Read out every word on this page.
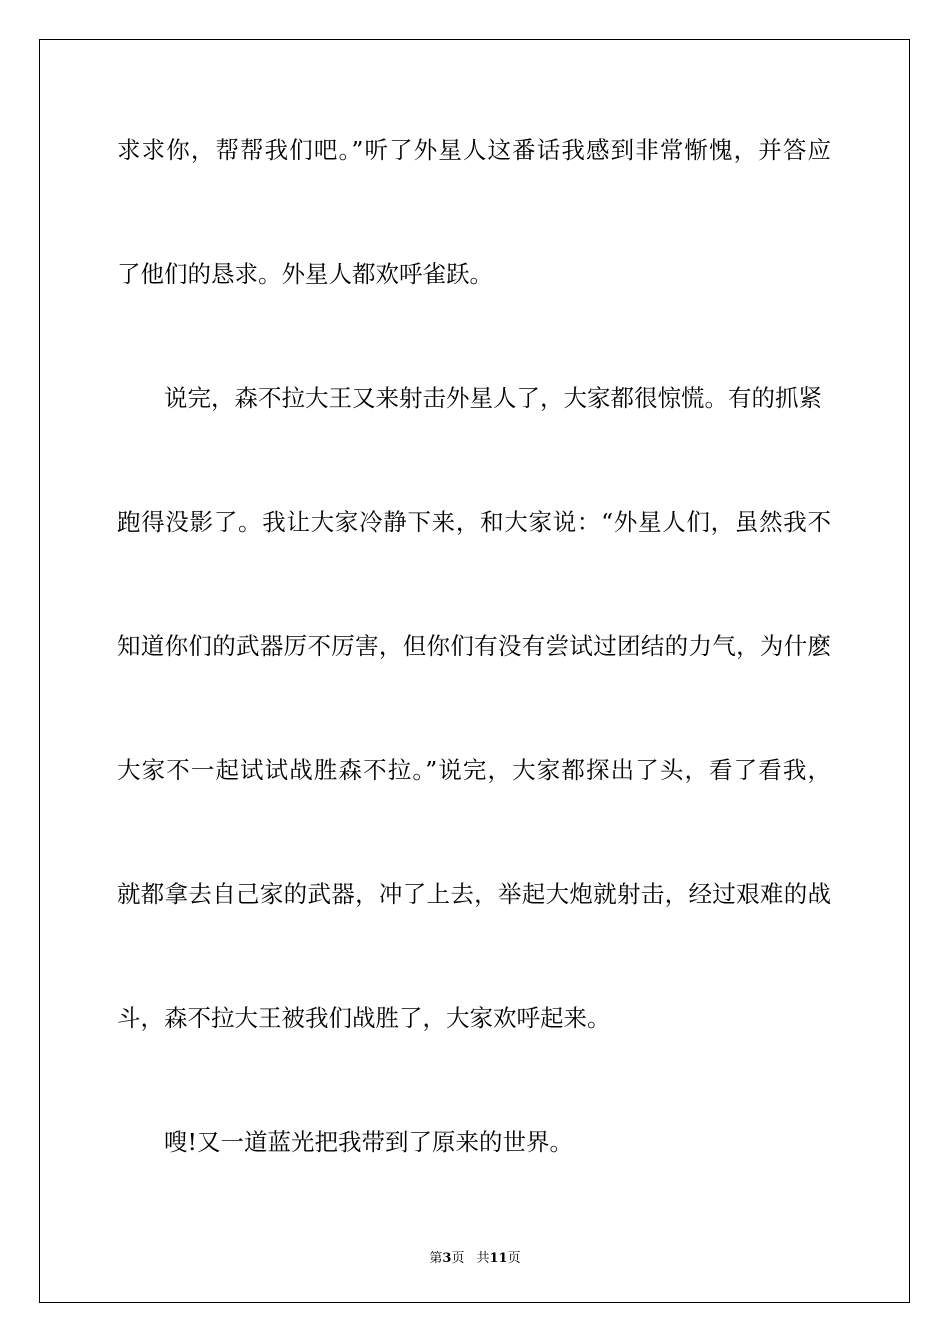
求求你，帮帮我们吧。”听了外星人这番话我感到非常惭愧，并答应

了他们的恳求。外星人都欢呼雀跃。

说完，森不拉大王又来射击外星人了，大家都很惊慌。有的抓紧

跑得没影了。我让大家冷静下来，和大家说：“外星人们，虽然我不

知道你们的武器厉不厉害，但你们有没有尝试过团结的力气，为什麽

大家不一起试试战胜森不拉。”说完，大家都探出了头，看了看我，

就都拿去自己家的武器，冲了上去，举起大炮就射击，经过艰难的战

斗，森不拉大王被我们战胜了，大家欢呼起来。

嗖!又一道蓝光把我带到了原来的世界。

第3页 共11页
